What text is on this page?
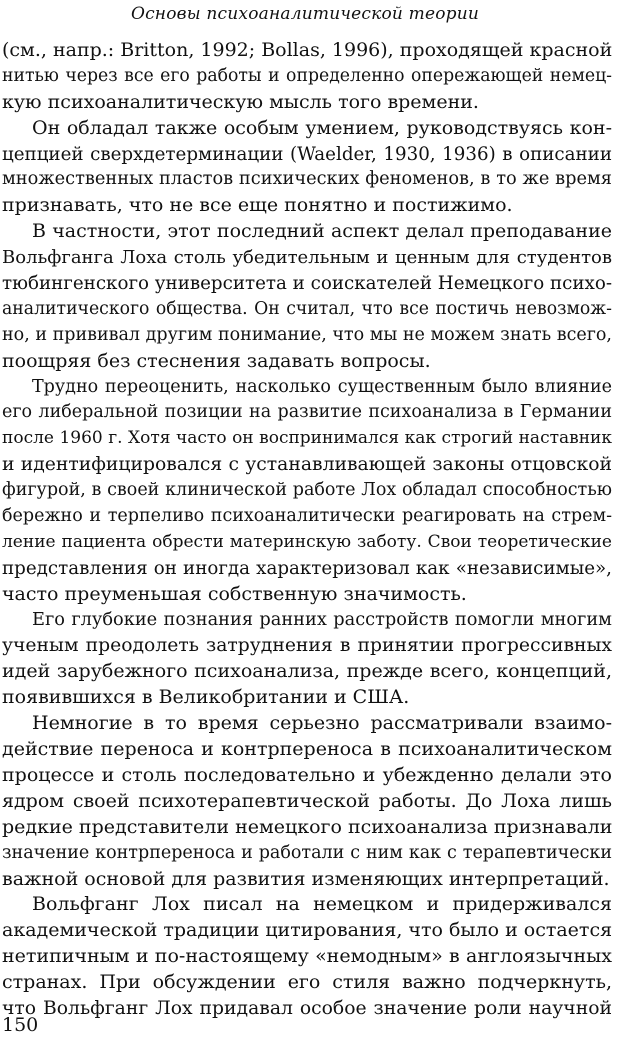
Основы психоаналитической теории
(см., напр.: Britton, 1992; Bollas, 1996), проходящей красной
нитью через все его работы и определенно опережающей немец-
кую психоаналитическую мысль того времени.
Он обладал также особым умением, руководствуясь кон-
цепцией сверхдетерминации (Waelder, 1930, 1936) в описании
множественных пластов психических феноменов, в то же время
признавать, что не все еще понятно и постижимо.
В частности, этот последний аспект делал преподавание
Вольфганга Лоха столь убедительным и ценным для студентов
тюбингенского университета и соискателей Немецкого психо-
аналитического общества. Он считал, что все постичь невозмож-
но, и прививал другим понимание, что мы не можем знать всего,
поощряя без стеснения задавать вопросы.
Трудно переоценить, насколько существенным было влияние
его либеральной позиции на развитие психоанализа в Германии
после 1960 г. Хотя часто он воспринимался как строгий наставник
и идентифицировался с устанавливающей законы отцовской
фигурой, в своей клинической работе Лох обладал способностью
бережно и терпеливо психоаналитически реагировать на стрем-
ление пациента обрести материнскую заботу. Свои теоретические
представления он иногда характеризовал как «независимые»,
часто преуменьшая собственную значимость.
Его глубокие познания ранних расстройств помогли многим
ученым преодолеть затруднения в принятии прогрессивных
идей зарубежного психоанализа, прежде всего, концепций,
появившихся в Великобритании и США.
Немногие в то время серьезно рассматривали взаимо-
действие переноса и контрпереноса в психоаналитическом
процессе и столь последовательно и убежденно делали это
ядром своей психотерапевтической работы. До Лоха лишь
редкие представители немецкого психоанализа признавали
значение контрпереноса и работали с ним как с терапевтически
важной основой для развития изменяющих интерпретаций.
Вольфганг Лох писал на немецком и придерживался
академической традиции цитирования, что было и остается
нетипичным и по-настоящему «немодным» в англоязычных
странах. При обсуждении его стиля важно подчеркнуть,
что Вольфганг Лох придавал особое значение роли научной
150
